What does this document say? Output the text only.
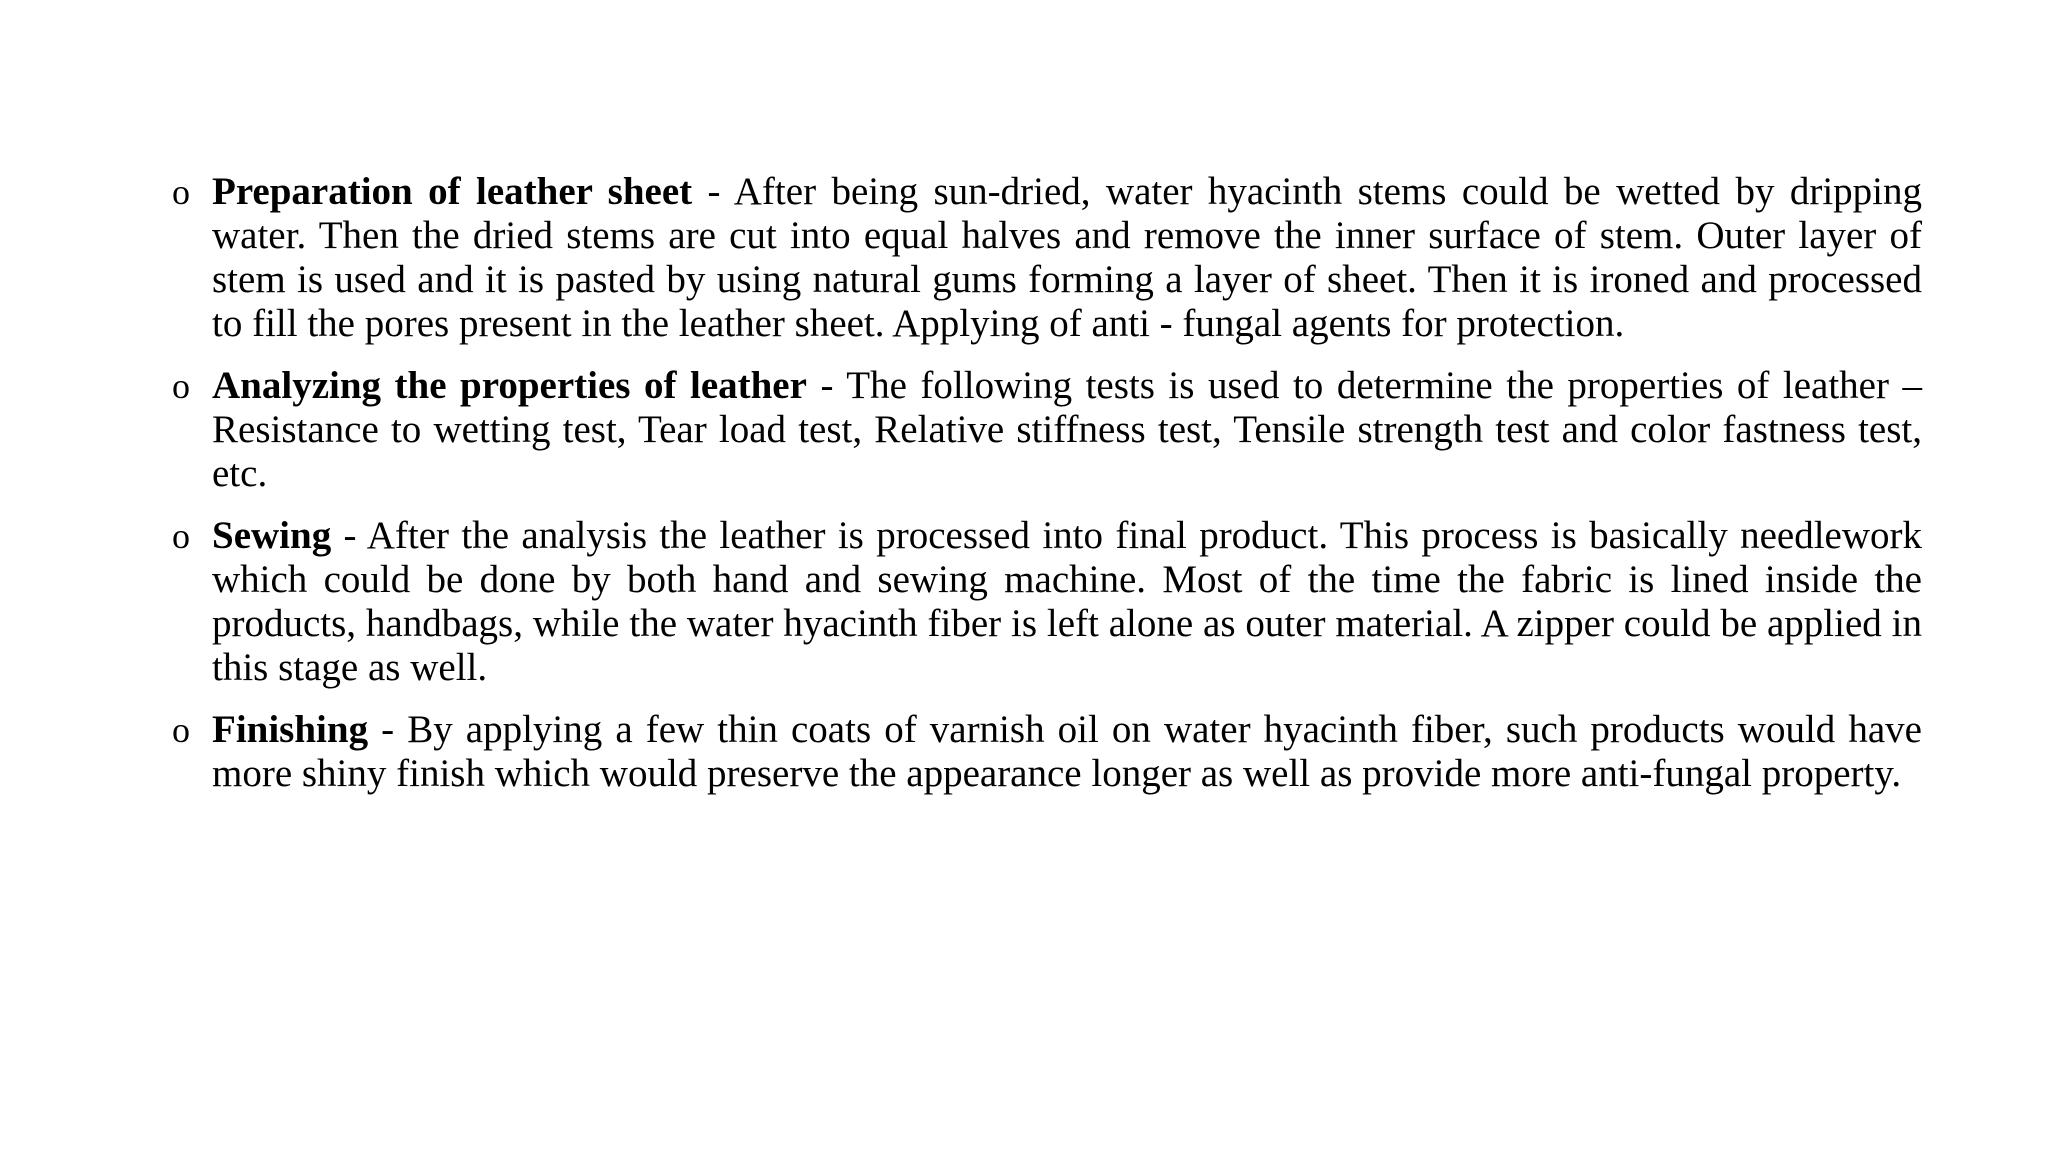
o Preparation of leather sheet - After being sun-dried, water hyacinth stems could be wetted by dripping water. Then the dried stems are cut into equal halves and remove the inner surface of stem. Outer layer of stem is used and it is pasted by using natural gums forming a layer of sheet. Then it is ironed and processed to fill the pores present in the leather sheet. Applying of anti - fungal agents for protection.
o Analyzing the properties of leather - The following tests is used to determine the properties of leather – Resistance to wetting test, Tear load test, Relative stiffness test, Tensile strength test and color fastness test, etc.
o Sewing - After the analysis the leather is processed into final product. This process is basically needlework which could be done by both hand and sewing machine. Most of the time the fabric is lined inside the products, handbags, while the water hyacinth fiber is left alone as outer material. A zipper could be applied in this stage as well.
o Finishing - By applying a few thin coats of varnish oil on water hyacinth fiber, such products would have more shiny finish which would preserve the appearance longer as well as provide more anti-fungal property.
